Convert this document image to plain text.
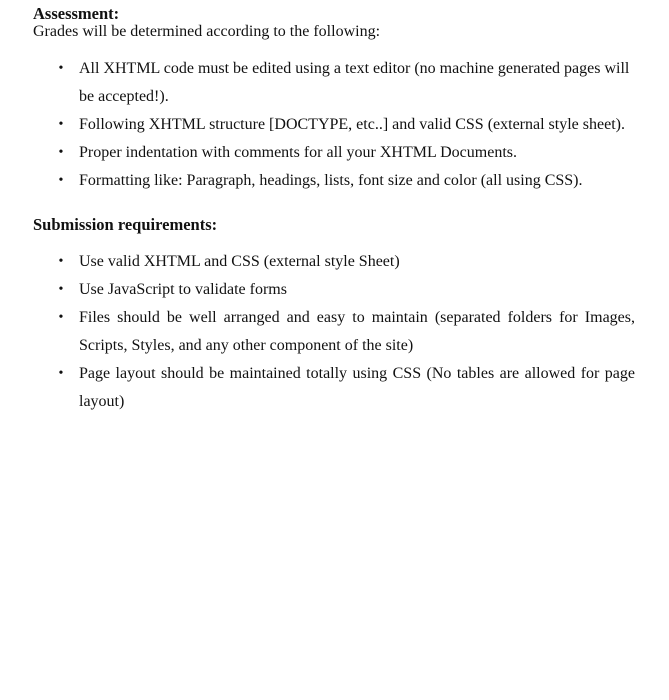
Assessment:

Grades will be determined according to the following:

• All XHTML code must be edited using a text editor (no machine generated pages will be accepted!).
• Following XHTML structure [DOCTYPE, etc..] and valid CSS (external style sheet).
• Proper indentation with comments for all your XHTML Documents.
• Formatting like: Paragraph, headings, lists, font size and color (all using CSS).
Submission requirements:
• Use valid XHTML and CSS (external style Sheet)
• Use JavaScript to validate forms
• Files should be well arranged and easy to maintain (separated folders for Images, Scripts, Styles, and any other component of the site)
• Page layout should be maintained totally using CSS (No tables are allowed for page layout)
